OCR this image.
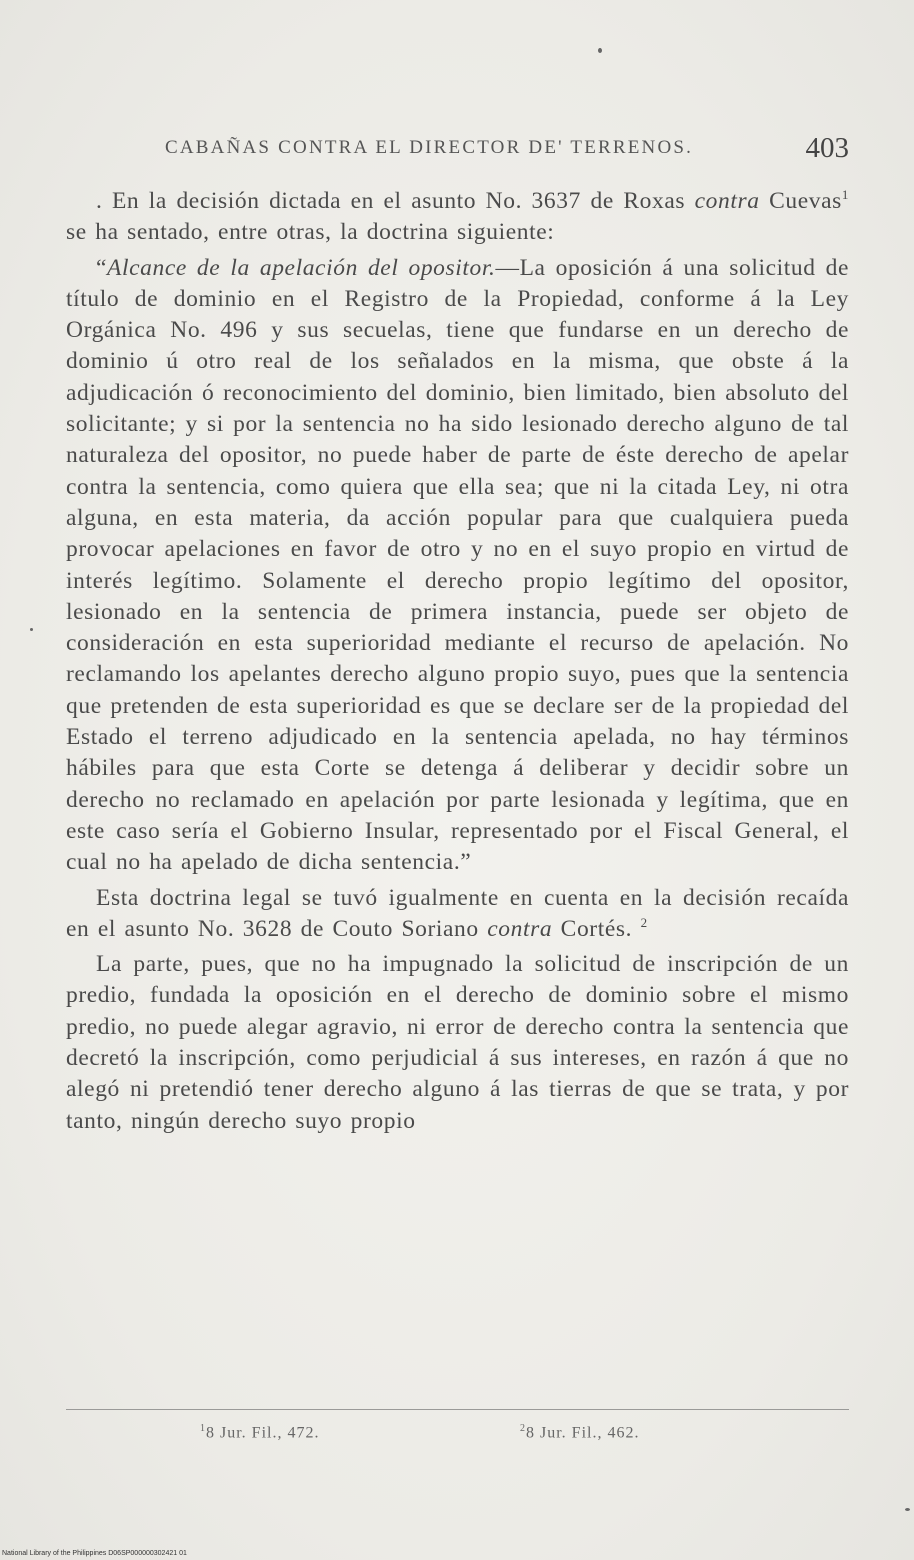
CABAÑAS CONTRA EL DIRECTOR DE' TERRENOS.	403

. En la decisión dictada en el asunto No. 3637 de Roxas contra Cuevas$^1$ se ha sentado, entre otras, la doctrina siguiente:

“Alcance de la apelación del opositor.—La oposición á una solicitud de título de dominio en el Registro de la Propiedad, conforme á la Ley Orgánica No. 496 y sus secuelas, tiene que fundarse en un derecho de dominio ú otro real de los señalados en la misma, que obste á la adjudicación ó reconocimiento del dominio, bien limitado, bien absoluto del solicitante; y si por la sentencia no ha sido lesionado derecho alguno de tal naturaleza del opositor, no puede haber de parte de éste derecho de apelar contra la sentencia, como quiera que ella sea; que ni la citada Ley, ni otra alguna, en esta materia, da acción popular para que cualquiera pueda provocar apelaciones en favor de otro y no en el suyo propio en virtud de interés legítimo. Solamente el derecho propio legítimo del opositor, lesionado en la sentencia de primera instancia, puede ser objeto de consideración en esta superioridad mediante el recurso de apelación. No reclamando los apelantes derecho alguno propio suyo, pues que la sentencia que pretenden de esta superioridad es que se declare ser de la propiedad del Estado el terreno adjudicado en la sentencia apelada, no hay términos hábiles para que esta Corte se detenga á deliberar y decidir sobre un derecho no reclamado en apelación por parte lesionada y legítima, que en este caso sería el Gobierno Insular, representado por el Fiscal General, el cual no ha apelado de dicha sentencia.”

Esta doctrina legal se tuvó igualmente en cuenta en la decisión recaída en el asunto No. 3628 de Couto Soriano contra Cortés. $^2$

La parte, pues, que no ha impugnado la solicitud de inscripción de un predio, fundada la oposición en el derecho de dominio sobre el mismo predio, no puede alegar agravio, ni error de derecho contra la sentencia que decretó la inscripción, como perjudicial á sus intereses, en razón á que no alegó ni pretendió tener derecho alguno á las tierras de que se trata, y por tanto, ningún derecho suyo propio

$^1$8 Jur. Fil., 472.	$^2$8 Jur. Fil., 462.
National Library of the Philippines D06SP000000302421 01
